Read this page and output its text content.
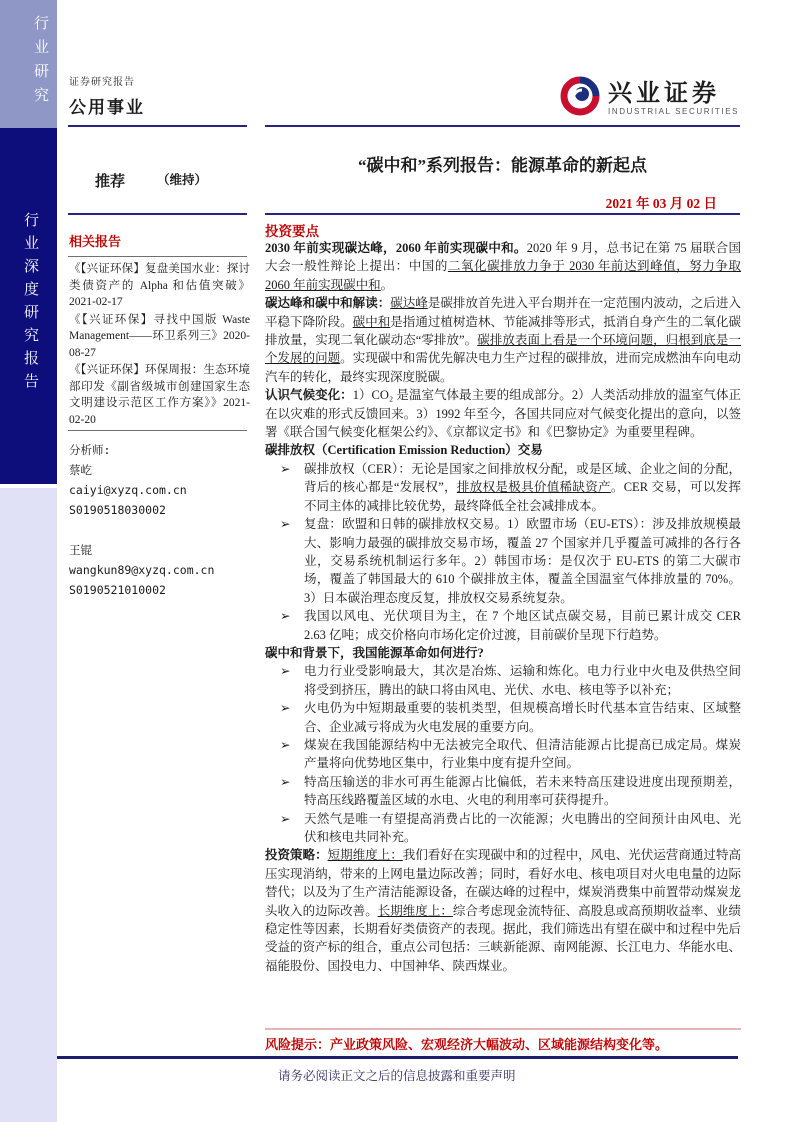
行业研究
行业深度研究报告
证券研究报告
公用事业
兴业证券
INDUSTRIAL SECURITIES
推荐	（维持）
“碳中和”系列报告：能源革命的新起点
2021 年 03 月 02 日
相关报告

《【兴证环保】复盘美国水业：探讨类债资产的 Alpha 和估值突破》2021-02-17

《【兴证环保】寻找中国版 Waste Management——环卫系列三》2020-08-27

《【兴证环保】环保周报：生态环境部印发《副省级城市创建国家生态文明建设示范区工作方案》》2021-02-20

分析师:

蔡屹

caiyi@xyzq.com.cn

S0190518030002

王锟

wangkun89@xyzq.com.cn

S0190521010002

投资要点
2030 年前实现碳达峰，2060 年前实现碳中和。2020 年 9 月，总书记在第 75 届联合国大会一般性辩论上提出：中国的二氧化碳排放力争于 2030 年前达到峰值，努力争取 2060 年前实现碳中和。
碳达峰和碳中和解读：碳达峰是碳排放首先进入平台期并在一定范围内波动，之后进入平稳下降阶段。碳中和是指通过植树造林、节能减排等形式，抵消自身产生的二氧化碳排放量，实现二氧化碳动态“零排放”。碳排放表面上看是一个环境问题，归根到底是一个发展的问题。实现碳中和需优先解决电力生产过程的碳排放，进而完成燃油车向电动汽车的转化，最终实现深度脱碳。
认识气候变化：1）CO₂ 是温室气体最主要的组成部分。2）人类活动排放的温室气体正在以灾难的形式反馈回来。3）1992 年至今，各国共同应对气候变化提出的意向，以签署《联合国气候变化框架公约》、《京都议定书》和《巴黎协定》为重要里程碑。
碳排放权（Certification Emission Reduction）交易
➢ 碳排放权（CER）：无论是国家之间排放权分配，或是区域、企业之间的分配，背后的核心都是“发展权”，排放权是极具价值稀缺资产。CER 交易，可以发挥不同主体的减排比较优势，最终降低全社会减排成本。
➢ 复盘：欧盟和日韩的碳排放权交易。1）欧盟市场（EU-ETS）：涉及排放规模最大、影响力最强的碳排放交易市场，覆盖 27 个国家并几乎覆盖可减排的各行各业，交易系统机制运行多年。2）韩国市场：是仅次于 EU-ETS 的第二大碳市场，覆盖了韩国最大的 610 个碳排放主体，覆盖全国温室气体排放量的 70%。3）日本碳治理态度反复，排放权交易系统复杂。
➢ 我国以风电、光伏项目为主，在 7 个地区试点碳交易，目前已累计成交 CER 2.63 亿吨；成交价格向市场化定价过渡，目前碳价呈现下行趋势。
碳中和背景下，我国能源革命如何进行?
➢ 电力行业受影响最大，其次是冶炼、运输和炼化。电力行业中火电及供热空间将受到挤压，腾出的缺口将由风电、光伏、水电、核电等予以补充；
➢ 火电仍为中短期最重要的装机类型，但规模高增长时代基本宣告结束、区域整合、企业减亏将成为火电发展的重要方向。
➢ 煤炭在我国能源结构中无法被完全取代、但清洁能源占比提高已成定局。煤炭产量将向优势地区集中，行业集中度有提升空间。
➢ 特高压输送的非水可再生能源占比偏低，若未来特高压建设进度出现预期差，特高压线路覆盖区域的水电、火电的利用率可获得提升。
➢ 天然气是唯一有望提高消费占比的一次能源；火电腾出的空间预计由风电、光伏和核电共同补充。
投资策略：短期维度上：我们看好在实现碳中和的过程中，风电、光伏运营商通过特高压实现消纳，带来的上网电量边际改善；同时，看好水电、核电项目对火电电量的边际替代；以及为了生产清洁能源设备，在碳达峰的过程中，煤炭消费集中前置带动煤炭龙头收入的边际改善。长期维度上：综合考虑现金流特征、高股息或高预期收益率、业绩稳定性等因素，长期看好类债资产的表现。据此，我们筛选出有望在碳中和过程中先后受益的资产标的组合，重点公司包括：三峡新能源、南网能源、长江电力、华能水电、福能股份、国投电力、中国神华、陕西煤业。
风险提示：产业政策风险、宏观经济大幅波动、区域能源结构变化等。
请务必阅读正文之后的信息披露和重要声明
